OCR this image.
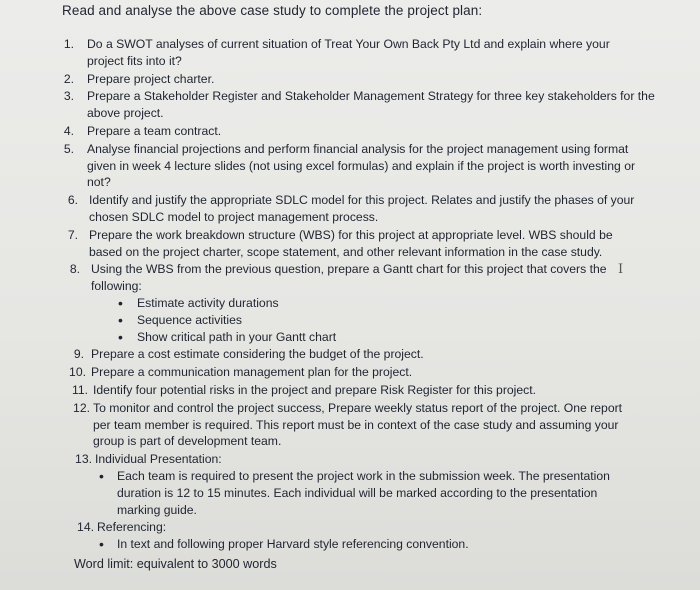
Read and analyse the above case study to complete the project plan:
1. Do a SWOT analyses of current situation of Treat Your Own Back Pty Ltd and explain where your project fits into it?
2. Prepare project charter.
3. Prepare a Stakeholder Register and Stakeholder Management Strategy for three key stakeholders for the above project.
4. Prepare a team contract.
5. Analyse financial projections and perform financial analysis for the project management using format given in week 4 lecture slides (not using excel formulas) and explain if the project is worth investing or not?
6. Identify and justify the appropriate SDLC model for this project. Relates and justify the phases of your chosen SDLC model to project management process.
7. Prepare the work breakdown structure (WBS) for this project at appropriate level. WBS should be based on the project charter, scope statement, and other relevant information in the case study.
8. Using the WBS from the previous question, prepare a Gantt chart for this project that covers the following:
• Estimate activity durations
• Sequence activities
• Show critical path in your Gantt chart
9. Prepare a cost estimate considering the budget of the project.
10. Prepare a communication management plan for the project.
11. Identify four potential risks in the project and prepare Risk Register for this project.
12. To monitor and control the project success, Prepare weekly status report of the project. One report per team member is required. This report must be in context of the case study and assuming your group is part of development team.
13. Individual Presentation:
• Each team is required to present the project work in the submission week. The presentation duration is 12 to 15 minutes. Each individual will be marked according to the presentation marking guide.
14. Referencing:
• In text and following proper Harvard style referencing convention.
Word limit: equivalent to 3000 words
I
